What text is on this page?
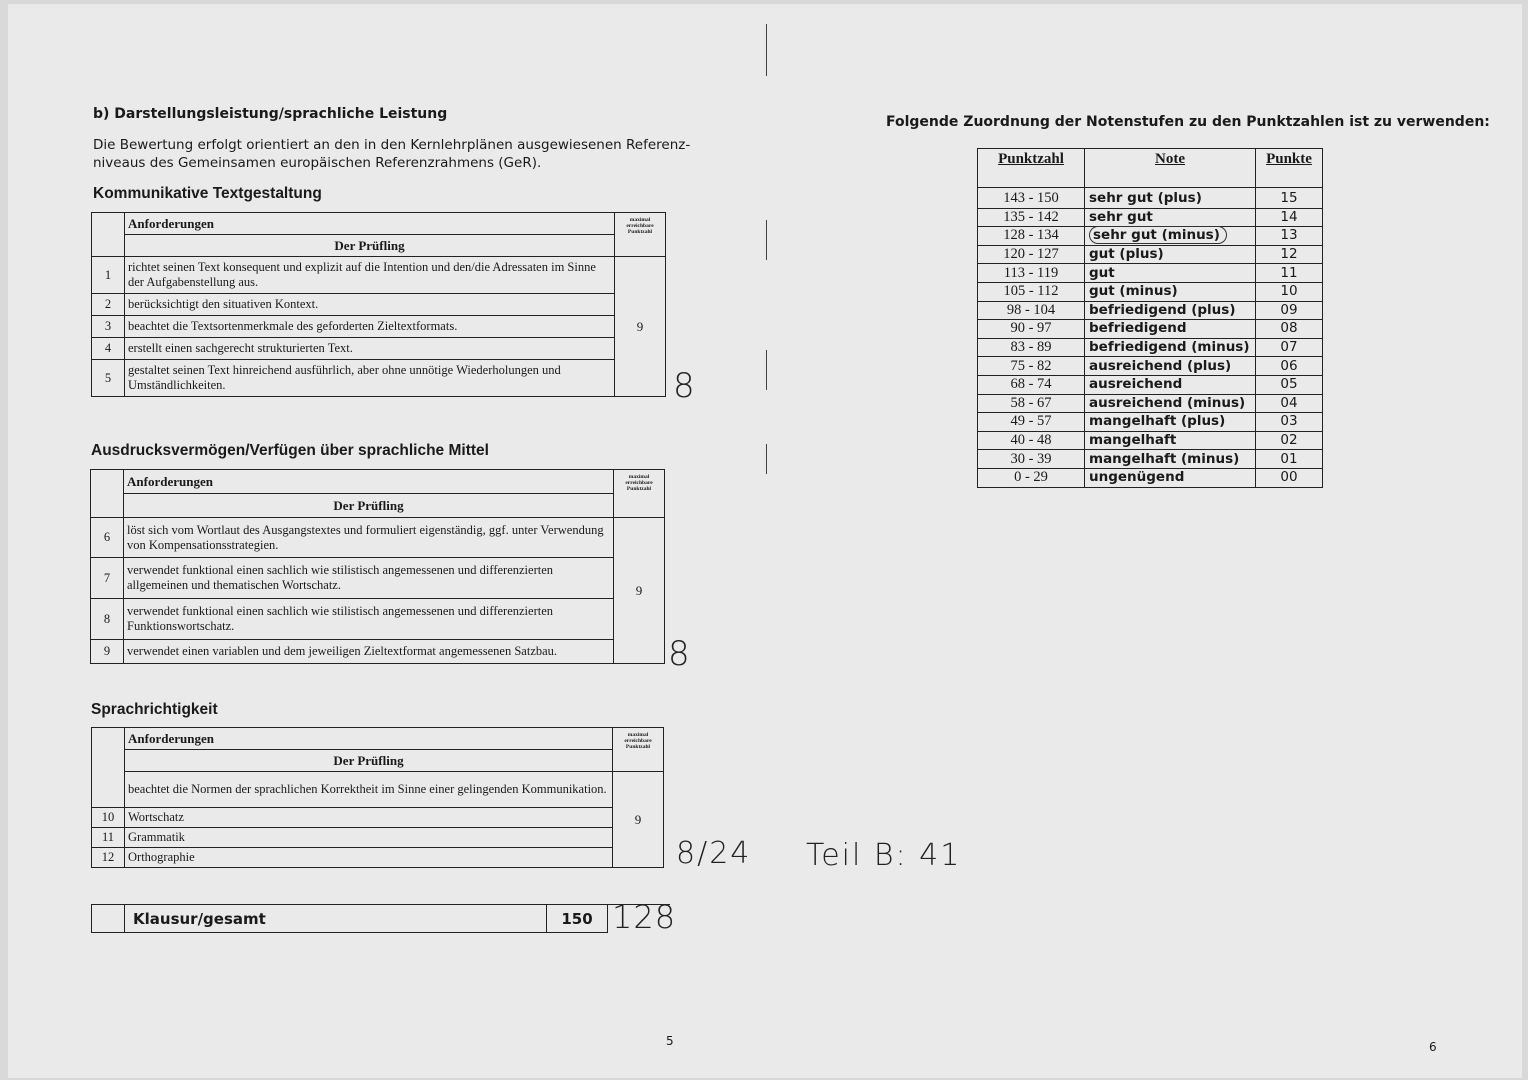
b) Darstellungsleistung/sprachliche Leistung
Die Bewertung erfolgt orientiert an den in den Kernlehrplänen ausgewiesenen Referenz-
niveaus des Gemeinsamen europäischen Referenzrahmens (GeR).
Kommunikative Textgestaltung
	Anforderungen	maximal erreichbare Punktzahl
	Der Prüfling	
1	richtet seinen Text konsequent und explizit auf die Intention und den/die Adressaten im Sinne der Aufgabenstellung aus.	9
2	berücksichtigt den situativen Kontext.	
3	beachtet die Textsortenmerkmale des geforderten Zieltextformats.	
4	erstellt einen sachgerecht strukturierten Text.	
5	gestaltet seinen Text hinreichend ausführlich, aber ohne unnötige Wiederholungen und Umständlichkeiten.		8
Ausdrucksvermögen/Verfügen über sprachliche Mittel
	Anforderungen	maximal erreichbare Punktzahl
	Der Prüfling	
6	löst sich vom Wortlaut des Ausgangstextes und formuliert eigenständig, ggf. unter Verwendung von Kompensationsstrategien.	9
7	verwendet funktional einen sachlich wie stilistisch angemessenen und differenzierten allgemeinen und thematischen Wortschatz.	
8	verwendet funktional einen sachlich wie stilistisch angemessenen und differenzierten Funktionswortschatz.	
9	verwendet einen variablen und dem jeweiligen Zieltextformat angemessenen Satzbau.		8
Sprachrichtigkeit
	Anforderungen	maximal erreichbare Punktzahl
	Der Prüfling	
	beachtet die Normen der sprachlichen Korrektheit im Sinne einer gelingenden Kommunikation.	9
10	Wortschatz	
11	Grammatik	
12	Orthographie		8/24 Teil B: 41
	Klausur/gesamt	150	128
5
Folgende Zuordnung der Notenstufen zu den Punktzahlen ist zu verwenden:
Punktzahl	Note	Punkte
143 - 150	sehr gut (plus)	15
135 - 142	sehr gut	14
128 - 134	sehr gut (minus)	13
120 - 127	gut (plus)	12
113 - 119	gut	11
105 - 112	gut (minus)	10
98 - 104	befriedigend (plus)	09
90 - 97	befriedigend	08
83 - 89	befriedigend (minus)	07
75 - 82	ausreichend (plus)	06
68 - 74	ausreichend	05
58 - 67	ausreichend (minus)	04
49 - 57	mangelhaft (plus)	03
40 - 48	mangelhaft	02
30 - 39	mangelhaft (minus)	01
0 - 29	ungenügend	00
6
